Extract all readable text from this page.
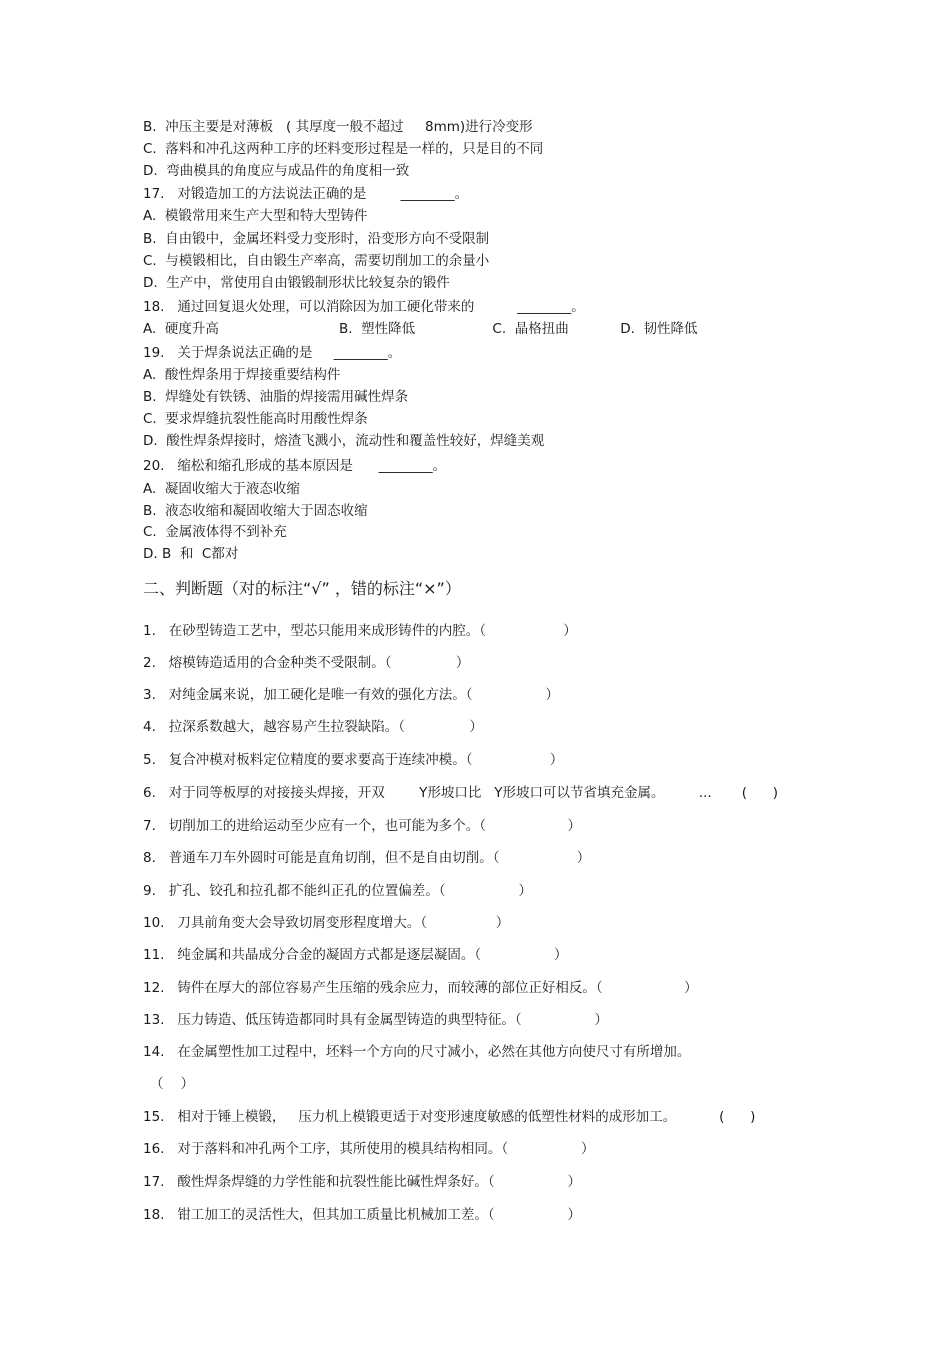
B.  冲压主要是对薄板   ( 其厚度一般不超过     8mm)进行冷变形
C.  落料和冲孔这两种工序的坯料变形过程是一样的，只是目的不同
D.  弯曲模具的角度应与成品件的角度相一致
17.   对锻造加工的方法说法正确的是        ________。
A.  模锻常用来生产大型和特大型铸件
B.  自由锻中，金属坯料受力变形时，沿变形方向不受限制
C.  与模锻相比，自由锻生产率高，需要切削加工的余量小
D.  生产中，常使用自由锻锻制形状比较复杂的锻件
18.   通过回复退火处理，可以消除因为加工硬化带来的          ________。
A.  硬度升高                            B.  塑性降低                  C.  晶格扭曲            D.  韧性降低
19.   关于焊条说法正确的是     ________。
A.  酸性焊条用于焊接重要结构件
B.  焊缝处有铁锈、油脂的焊接需用碱性焊条
C.  要求焊缝抗裂性能高时用酸性焊条
D.  酸性焊条焊接时，熔渣飞溅小，流动性和覆盖性较好，焊缝美观
20.   缩松和缩孔形成的基本原因是      ________。
A.  凝固收缩大于液态收缩
B.  液态收缩和凝固收缩大于固态收缩
C.  金属液体得不到补充
D. B  和  C都对
二、判断题（对的标注“√” ，错的标注“×”）
1.   在砂型铸造工艺中，型芯只能用来成形铸件的内腔。（                  ）
2.   熔模铸造适用的合金种类不受限制。（               ）
3.   对纯金属来说，加工硬化是唯一有效的强化方法。（                 ）
4.   拉深系数越大，越容易产生拉裂缺陷。（               ）
5.   复合冲模对板料定位精度的要求要高于连续冲模。（                  ）
6.   对于同等板厚的对接接头焊接，开双        Y形坡口比   Y形坡口可以节省填充金属。        ...       (      )
7.   切削加工的进给运动至少应有一个，也可能为多个。（                   ）
8.   普通车刀车外圆时可能是直角切削，但不是自由切削。（                  ）
9.   扩孔、铰孔和拉孔都不能纠正孔的位置偏差。（                 ）
10.   刀具前角变大会导致切屑变形程度增大。（                ）
11.   纯金属和共晶成分合金的凝固方式都是逐层凝固。（                 ）
12.   铸件在厚大的部位容易产生压缩的残余应力，而较薄的部位正好相反。（                   ）
13.   压力铸造、低压铸造都同时具有金属型铸造的典型特征。（                 ）
14.   在金属塑性加工过程中，坯料一个方向的尺寸减小，必然在其他方向使尺寸有所增加。
（    ）
15.   相对于锤上模锻，   压力机上模锻更适于对变形速度敏感的低塑性材料的成形加工。          (      )
16.   对于落料和冲孔两个工序，其所使用的模具结构相同。（                 ）
17.   酸性焊条焊缝的力学性能和抗裂性能比碱性焊条好。（                 ）
18.   钳工加工的灵活性大，但其加工质量比机械加工差。（                 ）
